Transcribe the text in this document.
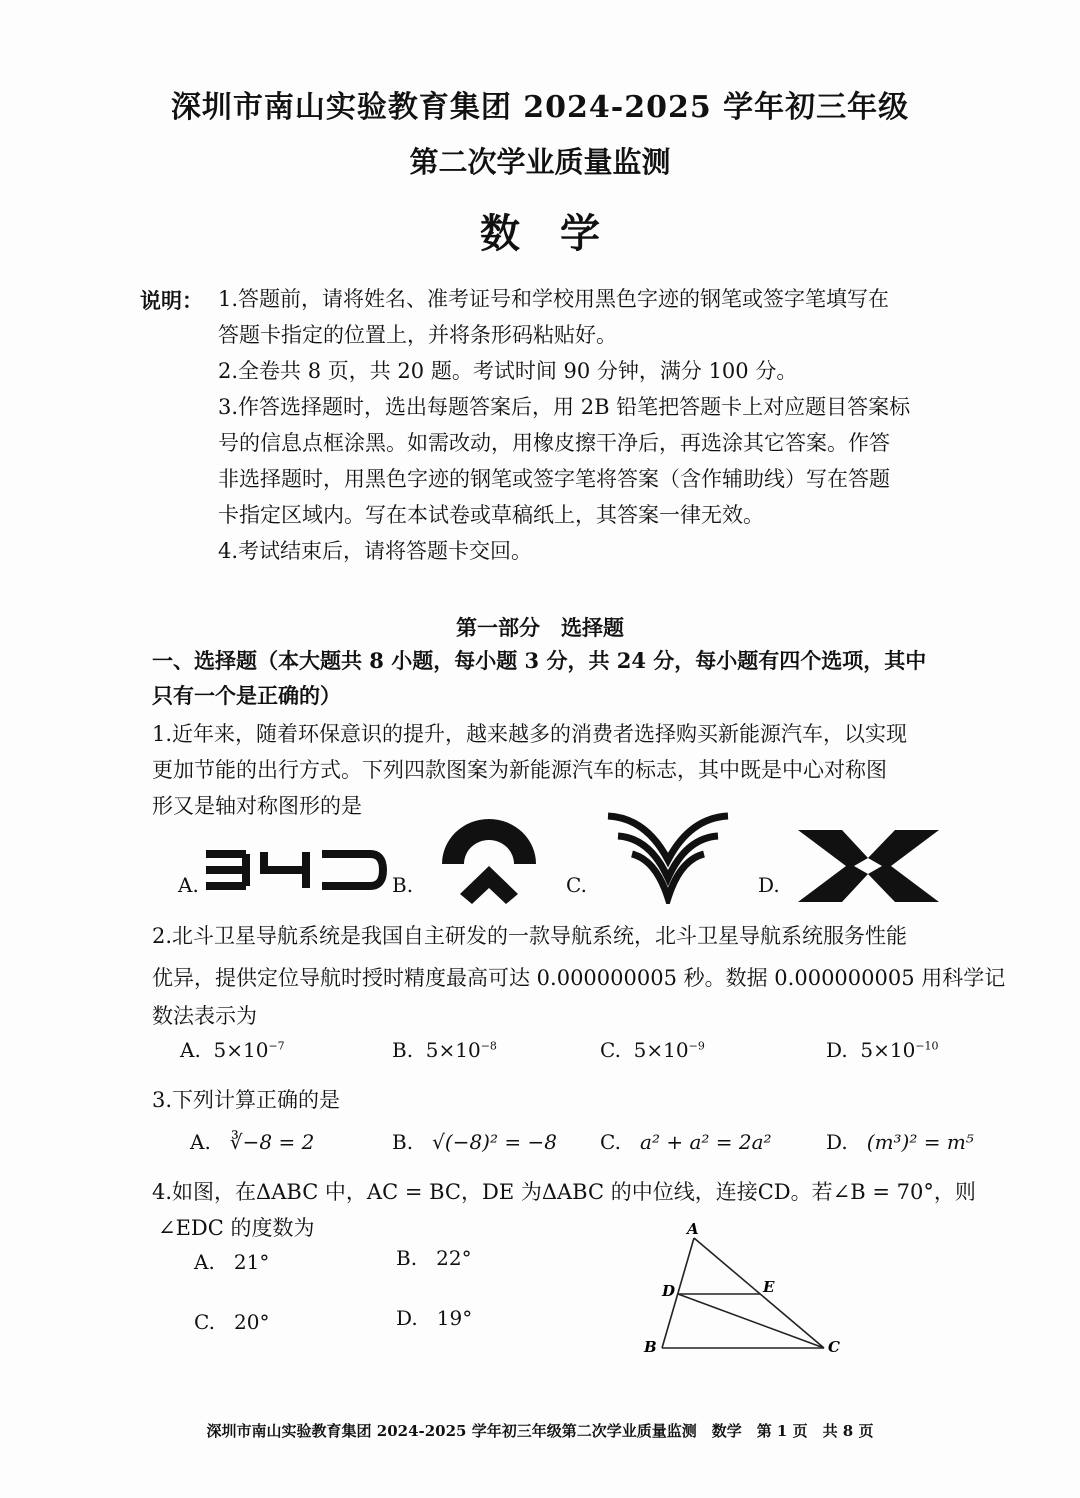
深圳市南山实验教育集团 2024-2025 学年初三年级
第二次学业质量监测
数学
说明： 1.答题前，请将姓名、准考证号和学校用黑色字迹的钢笔或签字笔填写在
答题卡指定的位置上，并将条形码粘贴好。
2.全卷共 8 页，共 20 题。考试时间 90 分钟，满分 100 分。
3.作答选择题时，选出每题答案后，用 2B 铅笔把答题卡上对应题目答案标
号的信息点框涂黑。如需改动，用橡皮擦干净后，再选涂其它答案。作答
非选择题时，用黑色字迹的钢笔或签字笔将答案（含作辅助线）写在答题
卡指定区域内。写在本试卷或草稿纸上，其答案一律无效。
4.考试结束后，请将答题卡交回。
第一部分　选择题
一、选择题（本大题共 8 小题，每小题 3 分，共 24 分，每小题有四个选项，其中
只有一个是正确的）
1.近年来，随着环保意识的提升，越来越多的消费者选择购买新能源汽车，以实现
更加节能的出行方式。下列四款图案为新能源汽车的标志，其中既是中心对称图
形又是轴对称图形的是
A.	B.	C.	D.
2.北斗卫星导航系统是我国自主研发的一款导航系统，北斗卫星导航系统服务性能
优异，提供定位导航时授时精度最高可达 0.000000005 秒。数据 0.000000005 用科学记
数法表示为
A. $5\times 10^{-7}$	B. $5\times 10^{-8}$	C. $5\times 10^{-9}$	D. $5\times 10^{-10}$
3.下列计算正确的是
A. ∛−8 = 2	B. √(−8)² = −8 C. a² + a² = 2a²	D. (m³)² = m⁵
4.如图，在ΔABC 中，AC = BC，DE 为ΔABC 的中位线，连接CD。若∠B = 70°，则
∠EDC 的度数为
A. 21°	B. 22°
C. 20°	D. 19°
A
B	C
D	E
深圳市南山实验教育集团 2024-2025 学年初三年级第二次学业质量监测　数学　第 1 页　共 8 页
